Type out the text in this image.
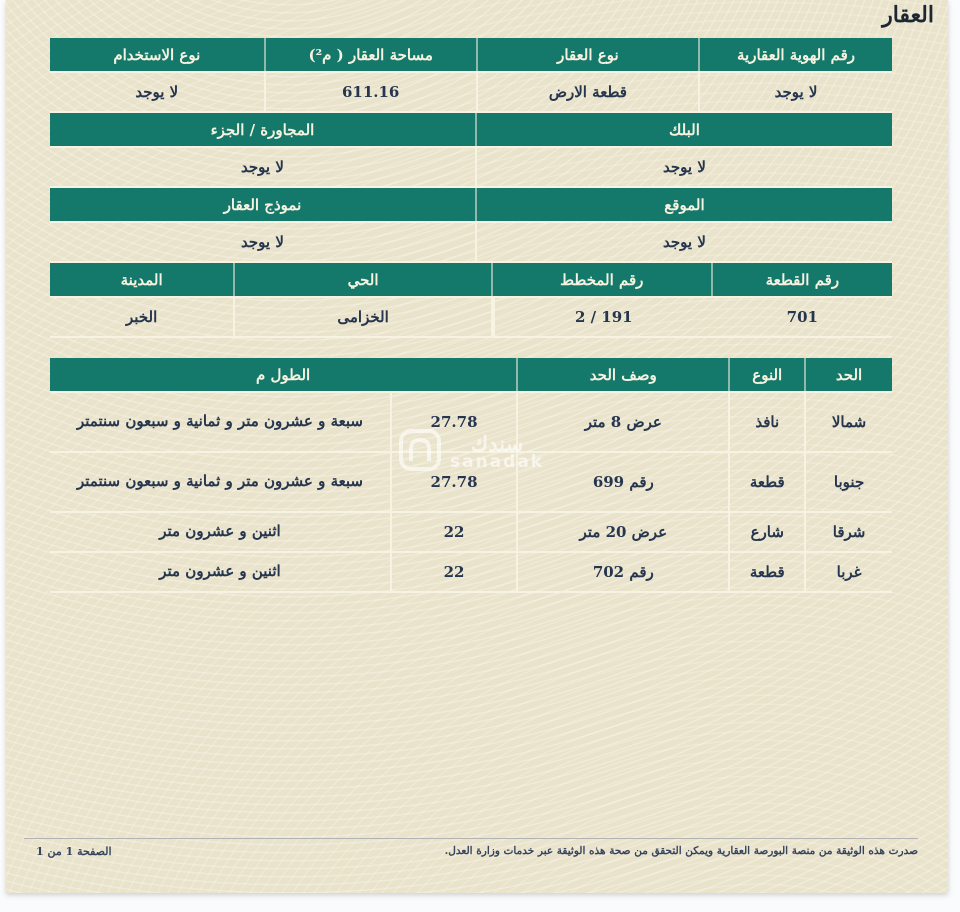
العقار
رقم الهوية العقارية
نوع العقار
مساحة العقار ( م²)
نوع الاستخدام
لا يوجد
قطعة الارض
611.16
لا يوجد
البلك
المجاورة / الجزء
لا يوجد
لا يوجد
الموقع
نموذج العقار
لا يوجد
لا يوجد
رقم القطعة
رقم المخطط
الحي
المدينة
701
2 / 191
الخزامى
الخبر
الحد
النوع
وصف الحد
الطول م
شمالا
نافذ
عرض 8 متر
27.78
سبعة و عشرون متر و ثمانية و سبعون سنتمتر
جنوبا
قطعة
رقم 699
27.78
سبعة و عشرون متر و ثمانية و سبعون سنتمتر
شرقا
شارع
عرض 20 متر
22
اثنين و عشرون متر
غربا
قطعة
رقم 702
22
اثنين و عشرون متر
سندك
sanadak
صدرت هذه الوثيقة من منصة البورصة العقارية ويمكن التحقق من صحة هذه الوثيقة عبر خدمات وزارة العدل.
الصفحة 1 من 1
